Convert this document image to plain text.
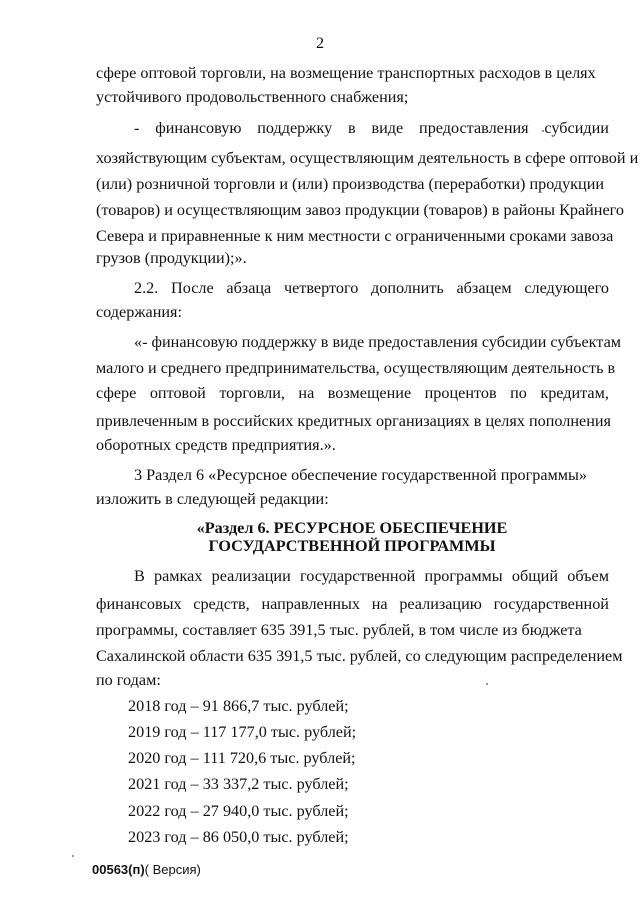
2
сфере оптовой торговли, на возмещение транспортных расходов в целях
устойчивого продовольственного снабжения;
- финансовую поддержку в виде предоставления субсидии
хозяйствующим субъектам, осуществляющим деятельность в сфере оптовой и
(или) розничной торговли и (или) производства (переработки) продукции
(товаров) и осуществляющим завоз продукции (товаров) в районы Крайнего
Севера и приравненные к ним местности с ограниченными сроками завоза
грузов (продукции);».
2.2. После абзаца четвертого дополнить абзацем следующего
содержания:
«- финансовую поддержку в виде предоставления субсидии субъектам
малого и среднего предпринимательства, осуществляющим деятельность в
сфере оптовой торговли, на возмещение процентов по кредитам,
привлеченным в российских кредитных организациях в целях пополнения
оборотных средств предприятия.».
3 Раздел 6 «Ресурсное обеспечение государственной программы»
изложить в следующей редакции:
«Раздел 6. РЕСУРСНОЕ ОБЕСПЕЧЕНИЕ
ГОСУДАРСТВЕННОЙ ПРОГРАММЫ
В рамках реализации государственной программы общий объем
финансовых средств, направленных на реализацию государственной
программы, составляет 635 391,5 тыс. рублей, в том числе из бюджета
Сахалинской области 635 391,5 тыс. рублей, со следующим распределением
по годам:
2018 год – 91 866,7 тыс. рублей;
2019 год – 117 177,0 тыс. рублей;
2020 год – 111 720,6 тыс. рублей;
2021 год – 33 337,2 тыс. рублей;
2022 год – 27 940,0 тыс. рублей;
2023 год – 86 050,0 тыс. рублей;
00563(п)( Версия)
